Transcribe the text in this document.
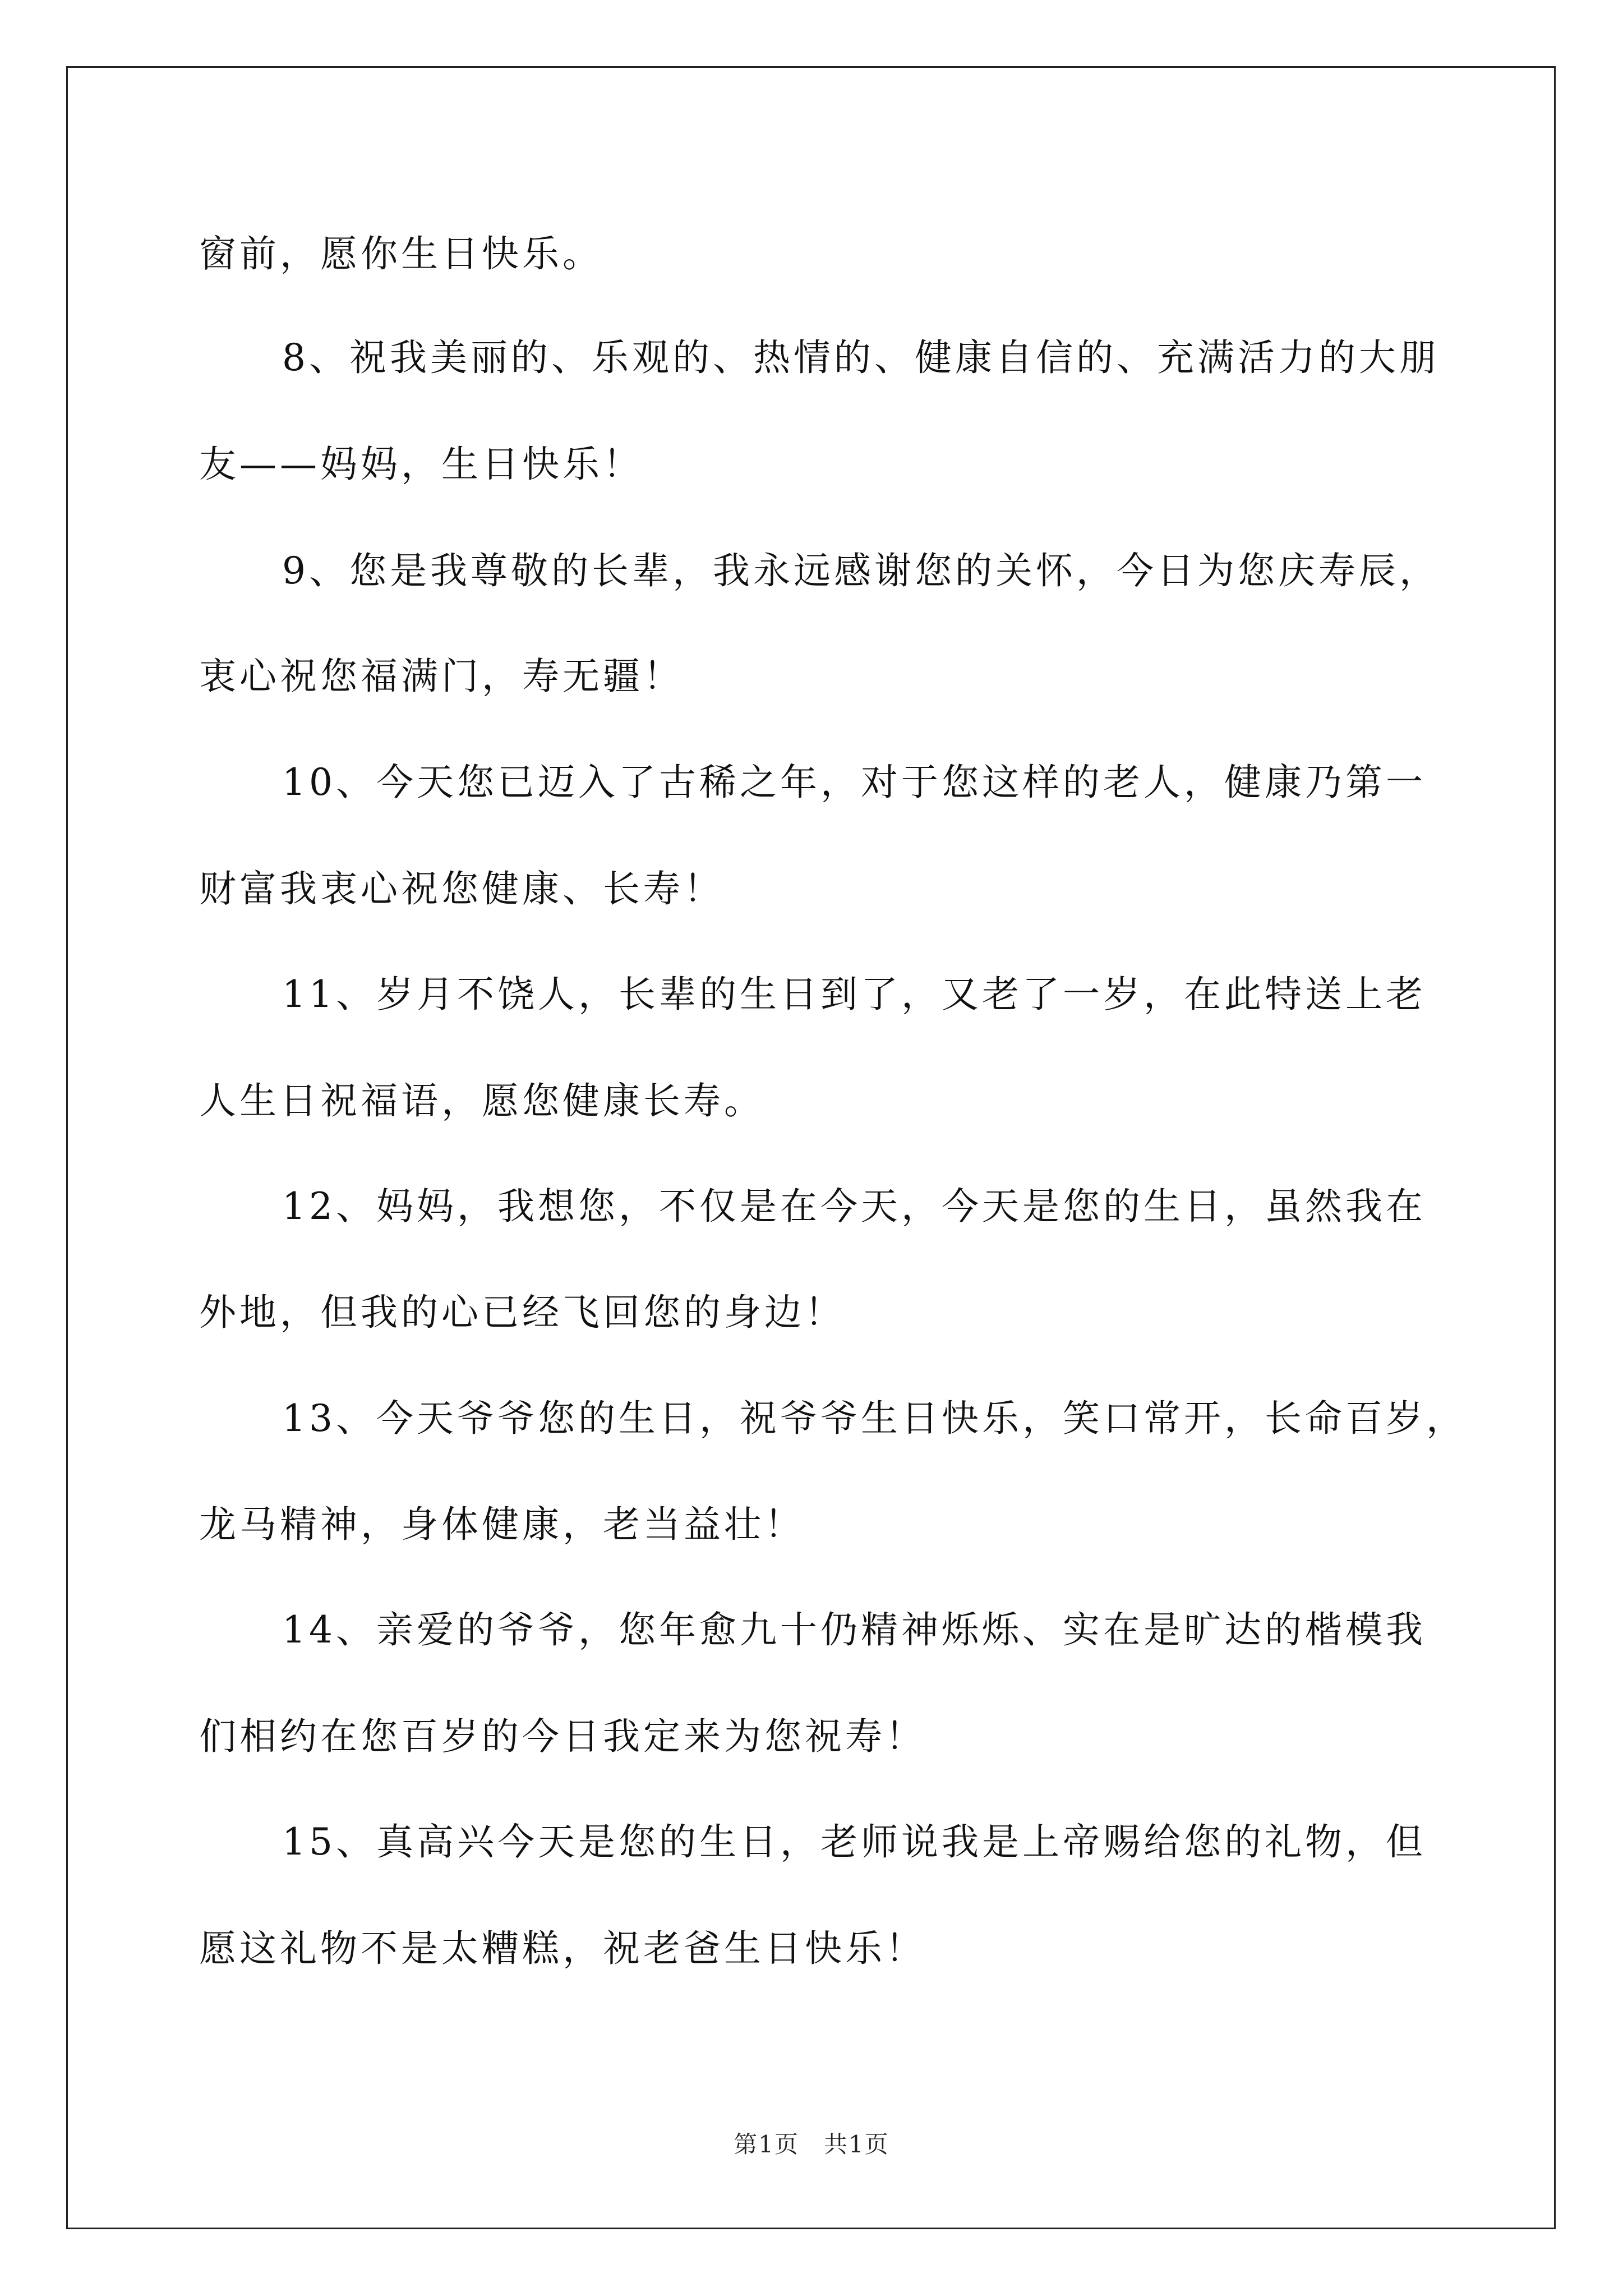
窗前，愿你生日快乐。
8、祝我美丽的、乐观的、热情的、健康自信的、充满活力的大朋
友——妈妈，生日快乐！
9、您是我尊敬的长辈，我永远感谢您的关怀，今日为您庆寿辰，
衷心祝您福满门，寿无疆！
10、今天您已迈入了古稀之年，对于您这样的老人，健康乃第一
财富我衷心祝您健康、长寿！
11、岁月不饶人，长辈的生日到了，又老了一岁，在此特送上老
人生日祝福语，愿您健康长寿。
12、妈妈，我想您，不仅是在今天，今天是您的生日，虽然我在
外地，但我的心已经飞回您的身边！
13、今天爷爷您的生日，祝爷爷生日快乐，笑口常开，长命百岁，
龙马精神，身体健康，老当益壮！
14、亲爱的爷爷，您年愈九十仍精神烁烁、实在是旷达的楷模我
们相约在您百岁的今日我定来为您祝寿！
15、真高兴今天是您的生日，老师说我是上帝赐给您的礼物，但
愿这礼物不是太糟糕，祝老爸生日快乐！
第1页　共1页
